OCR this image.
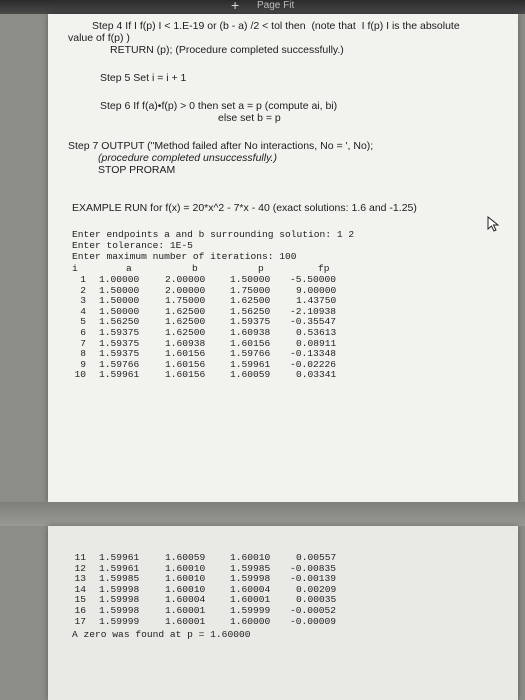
+ Page Fit
Step 4 If I f(p) I < 1.E-19 or (b - a) /2 < tol then  (note that  I f(p) I is the absolute
value of f(p) )
RETURN (p); (Procedure completed successfully.)
Step 5 Set i = i + 1
Step 6 If f(a)•f(p) > 0 then set a = p (compute ai, bi)
else set b = p
Step 7 OUTPUT ("Method failed after No interactions, No = ', No);
(procedure completed unsuccessfully.)
STOP PRORAM
EXAMPLE RUN for f(x) = 20*x^2 - 7*x - 40 (exact solutions: 1.6 and -1.25)
Enter endpoints a and b surrounding solution: 1 2
Enter tolerance: 1E-5
Enter maximum number of iterations: 100
i	a	b	p	fp
1 1.00000	2.00000	1.50000 -5.50000
2 1.50000	2.00000	1.75000	9.00000
3 1.50000	1.75000	1.62500	1.43750
4 1.50000	1.62500	1.56250 -2.10938
5 1.56250	1.62500	1.59375 -0.35547
6 1.59375	1.62500	1.60938	0.53613
7 1.59375	1.60938	1.60156	0.08911
8 1.59375	1.60156	1.59766 -0.13348
9 1.59766	1.60156	1.59961 -0.02226
10 1.59961	1.60156	1.60059	0.03341
11 1.59961	1.60059	1.60010	0.00557
12 1.59961	1.60010	1.59985 -0.00835
13 1.59985	1.60010	1.59998 -0.00139
14 1.59998	1.60010	1.60004	0.00209
15 1.59998	1.60004	1.60001	0.00035
16 1.59998	1.60001	1.59999 -0.00052
17 1.59999	1.60001	1.60000 -0.00009
A zero was found at p = 1.60000
